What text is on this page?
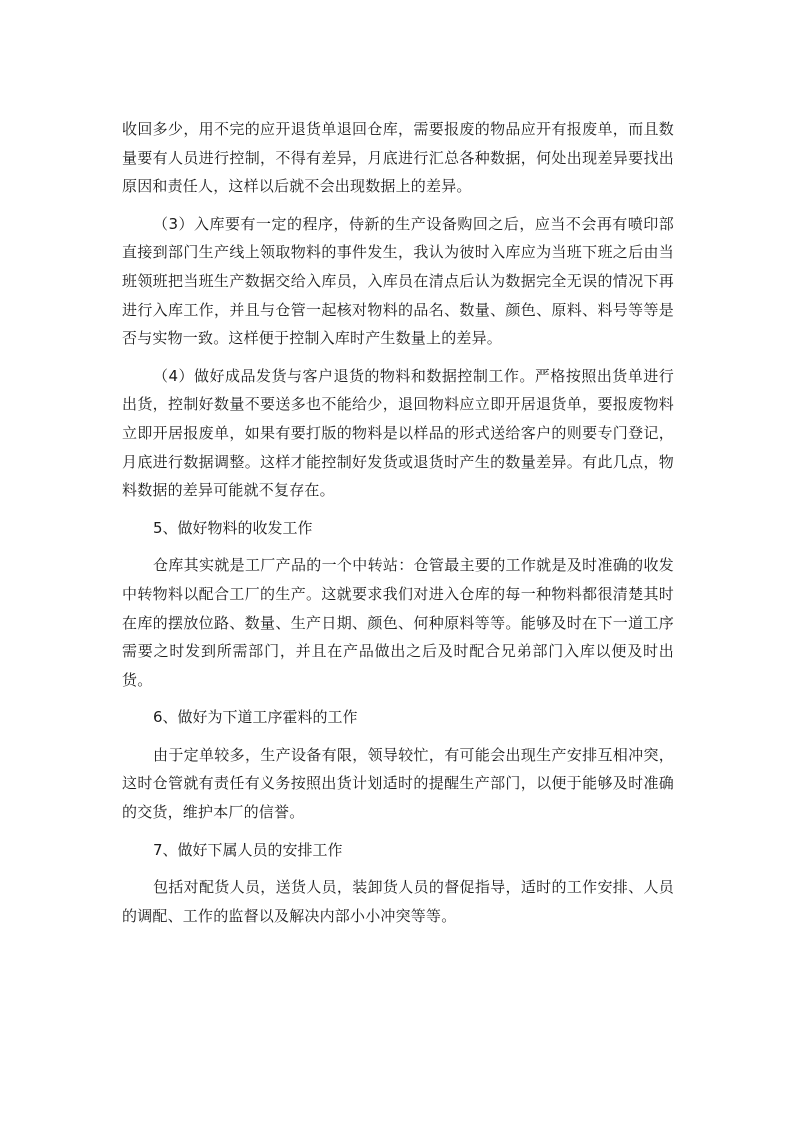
收回多少，用不完的应开退货单退回仓库，需要报废的物品应开有报废单，而且数量要有人员进行控制，不得有差异，月底进行汇总各种数据，何处出现差异要找出原因和责任人，这样以后就不会出现数据上的差异。

（3）入库要有一定的程序，侍新的生产设备购回之后，应当不会再有喷印部直接到部门生产线上领取物料的事件发生，我认为彼时入库应为当班下班之后由当班领班把当班生产数据交给入库员，入库员在清点后认为数据完全无误的情况下再进行入库工作，并且与仓管一起核对物料的品名、数量、颜色、原料、料号等等是否与实物一致。这样便于控制入库时产生数量上的差异。

（4）做好成品发货与客户退货的物料和数据控制工作。严格按照出货单进行出货，控制好数量不要送多也不能给少，退回物料应立即开居退货单，要报废物料立即开居报废单，如果有要打版的物料是以样品的形式送给客户的则要专门登记，月底进行数据调整。这样才能控制好发货或退货时产生的数量差异。有此几点，物料数据的差异可能就不复存在。

5、做好物料的收发工作

仓库其实就是工厂产品的一个中转站：仓管最主要的工作就是及时准确的收发中转物料以配合工厂的生产。这就要求我们对进入仓库的每一种物料都很清楚其时在库的摆放位路、数量、生产日期、颜色、何种原料等等。能够及时在下一道工序需要之时发到所需部门，并且在产品做出之后及时配合兄弟部门入库以便及时出货。

6、做好为下道工序霍料的工作

由于定单较多，生产设备有限，领导较忙，有可能会出现生产安排互相冲突，这时仓管就有责任有义务按照出货计划适时的提醒生产部门，以便于能够及时准确的交货，维护本厂的信誉。

7、做好下属人员的安排工作

包括对配货人员，送货人员，装卸货人员的督促指导，适时的工作安排、人员的调配、工作的监督以及解决内部小小冲突等等。
